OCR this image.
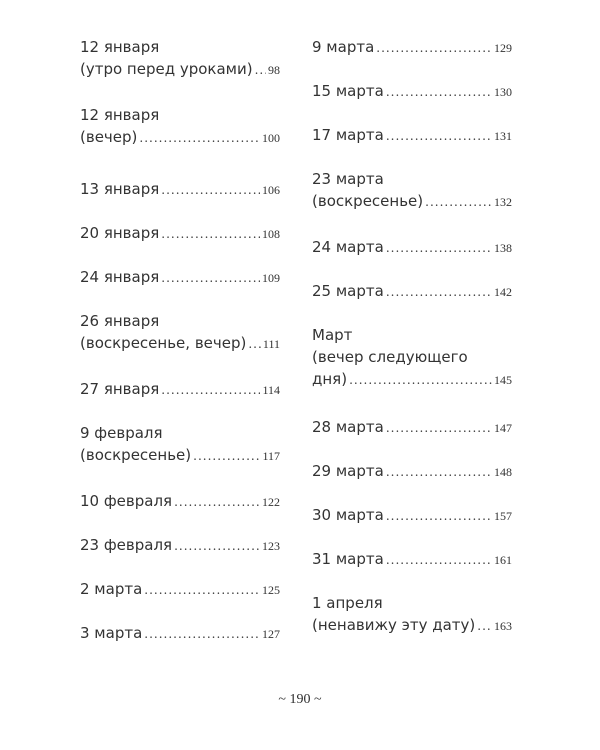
12 января
(утро перед уроками) ..... 98
12 января
(вечер) .....	100
13 января .....	106
20 января .....	108
24 января .....	109
26 января
(воскресенье, вечер) ..... 111
27 января .....	114
9 февраля
(воскресенье) .....	117
10 февраля .....	122
23 февраля .....	123
2 марта .....	125
3 марта .....	127
9 марта .....	129
15 марта .....	130
17 марта .....	131
23 марта
(воскресенье) .....	132
24 марта .....	138
25 марта .....	142
Март
(вечер следующего
дня) .....	145
28 марта .....	147
29 марта .....	148
30 марта .....	157
31 марта .....	161
1 апреля
(ненавижу эту дату) ..... 163
~ 190 ~
